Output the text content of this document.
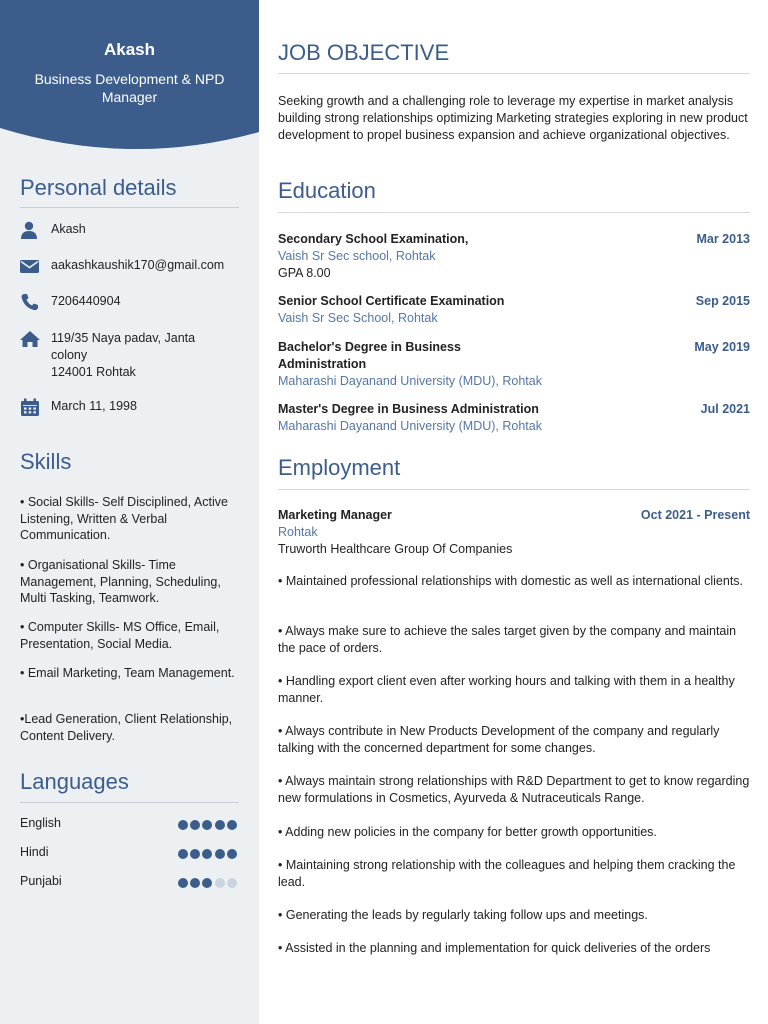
Akash
Business Development & NPD Manager
Personal details
Akash
aakashkaushik170@gmail.com
7206440904
119/35 Naya padav, Janta colony
124001 Rohtak
March 11, 1998
Skills
• Social Skills- Self Disciplined, Active Listening, Written & Verbal Communication.
• Organisational Skills- Time Management, Planning, Scheduling, Multi Tasking, Teamwork.
• Computer Skills- MS Office, Email, Presentation, Social Media.
• Email Marketing, Team Management.
•Lead Generation, Client Relationship, Content Delivery.
Languages
English
Hindi
Punjabi
JOB OBJECTIVE
Seeking growth and a challenging role to leverage my expertise in market analysis building strong relationships optimizing Marketing strategies exploring in new product development to propel business expansion and achieve organizational objectives.
Education
Secondary School Examination,	Mar 2013
Vaish Sr Sec school, Rohtak
GPA 8.00
Senior School Certificate Examination	Sep 2015
Vaish Sr Sec School, Rohtak
Bachelor's Degree in Business Administration
May 2019
Maharashi Dayanand University (MDU), Rohtak
Master's Degree in Business Administration	Jul 2021
Maharashi Dayanand University (MDU), Rohtak
Employment
Marketing Manager	Oct 2021 - Present
Rohtak
Truworth Healthcare Group Of Companies
• Maintained professional relationships with domestic as well as international clients.
• Always make sure to achieve the sales target given by the company and maintain the pace of orders.
• Handling export client even after working hours and talking with them in a healthy manner.
• Always contribute in New Products Development of the company and regularly talking with the concerned department for some changes.
• Always maintain strong relationships with R&D Department to get to know regarding new formulations in Cosmetics, Ayurveda & Nutraceuticals Range.
• Adding new policies in the company for better growth opportunities.
• Maintaining strong relationship with the colleagues and helping them cracking the lead.
• Generating the leads by regularly taking follow ups and meetings.
• Assisted in the planning and implementation for quick deliveries of the orders
